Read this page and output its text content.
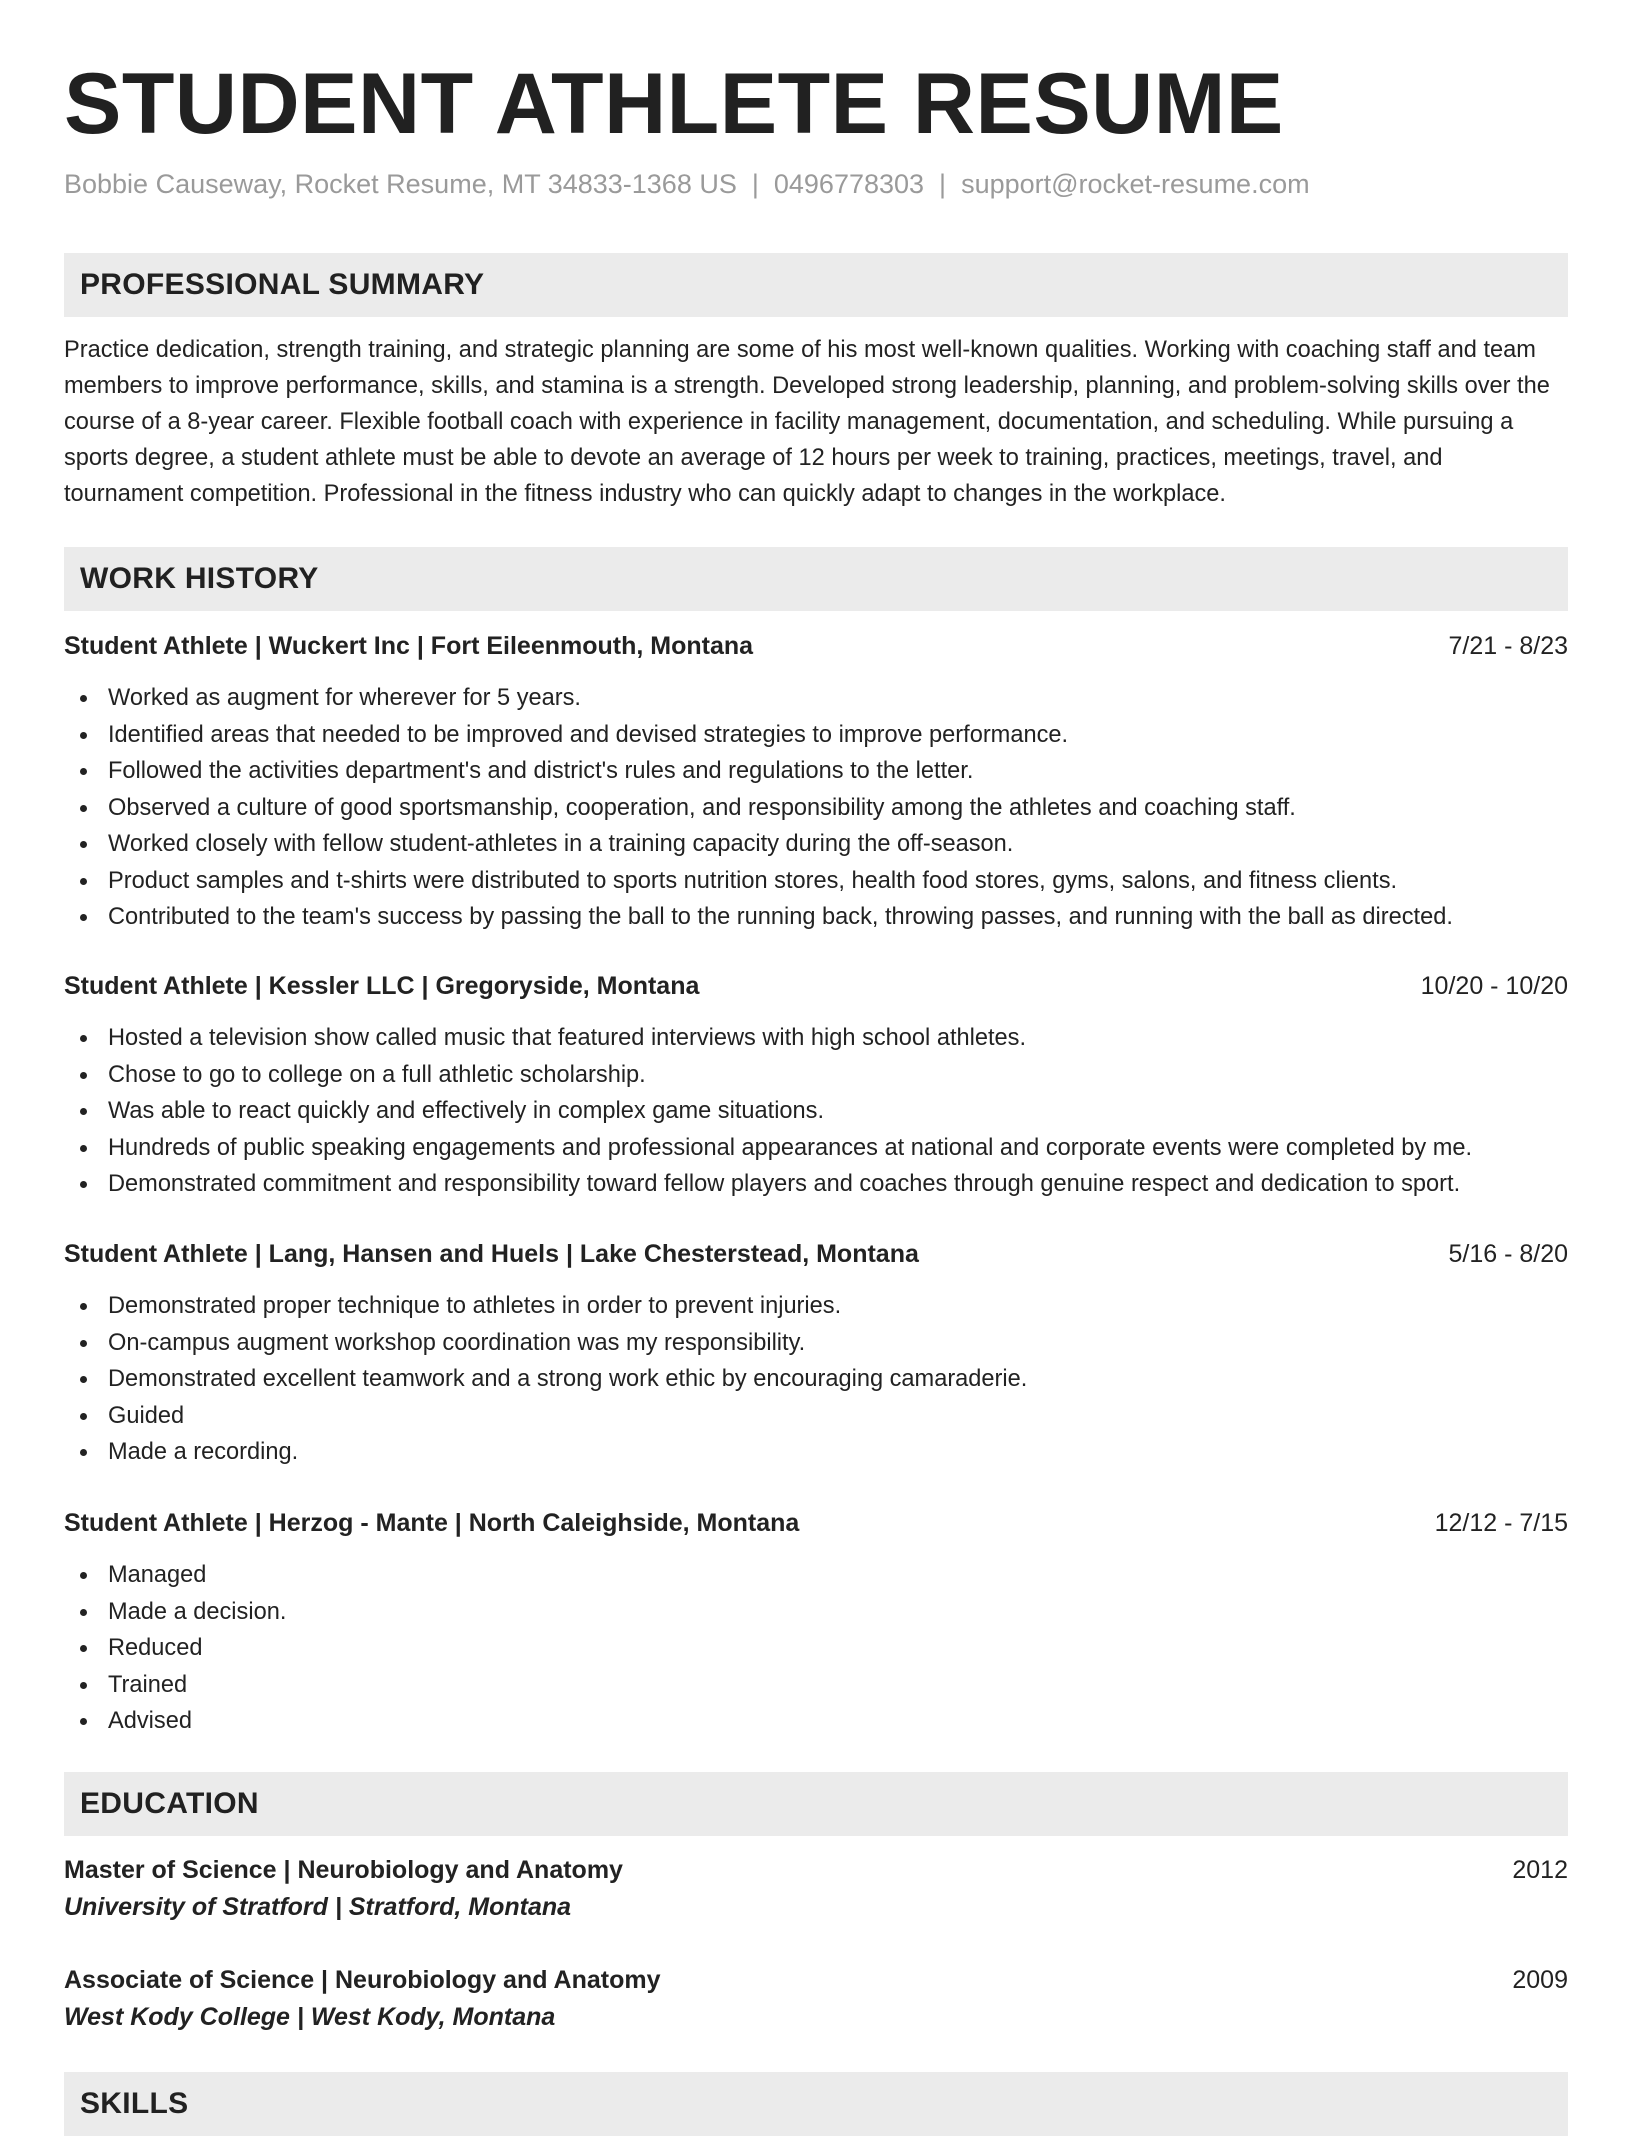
STUDENT ATHLETE RESUME
Bobbie Causeway, Rocket Resume, MT 34833-1368 US | 0496778303 | support@rocket-resume.com
PROFESSIONAL SUMMARY

Practice dedication, strength training, and strategic planning are some of his most well-known qualities. Working with coaching staff and team members to improve performance, skills, and stamina is a strength. Developed strong leadership, planning, and problem-solving skills over the course of a 8-year career. Flexible football coach with experience in facility management, documentation, and scheduling. While pursuing a sports degree, a student athlete must be able to devote an average of 12 hours per week to training, practices, meetings, travel, and tournament competition. Professional in the fitness industry who can quickly adapt to changes in the workplace.

WORK HISTORY
Student Athlete | Wuckert Inc | Fort Eileenmouth, Montana	7/21 - 8/23
Worked as augment for wherever for 5 years.
Identified areas that needed to be improved and devised strategies to improve performance.
Followed the activities department's and district's rules and regulations to the letter.
Observed a culture of good sportsmanship, cooperation, and responsibility among the athletes and coaching staff.
Worked closely with fellow student-athletes in a training capacity during the off-season.
Product samples and t-shirts were distributed to sports nutrition stores, health food stores, gyms, salons, and fitness clients.
Contributed to the team's success by passing the ball to the running back, throwing passes, and running with the ball as directed.
Student Athlete | Kessler LLC | Gregoryside, Montana	10/20 - 10/20
Hosted a television show called music that featured interviews with high school athletes.
Chose to go to college on a full athletic scholarship.
Was able to react quickly and effectively in complex game situations.
Hundreds of public speaking engagements and professional appearances at national and corporate events were completed by me.
Demonstrated commitment and responsibility toward fellow players and coaches through genuine respect and dedication to sport.
Student Athlete | Lang, Hansen and Huels | Lake Chesterstead, Montana	5/16 - 8/20
Demonstrated proper technique to athletes in order to prevent injuries.
On-campus augment workshop coordination was my responsibility.
Demonstrated excellent teamwork and a strong work ethic by encouraging camaraderie.
Guided
Made a recording.
Student Athlete | Herzog - Mante | North Caleighside, Montana	12/12 - 7/15
Managed
Made a decision.
Reduced
Trained
Advised
EDUCATION
Master of Science | Neurobiology and Anatomy	2012
University of Stratford | Stratford, Montana
Associate of Science | Neurobiology and Anatomy	2009
West Kody College | West Kody, Montana
SKILLS
